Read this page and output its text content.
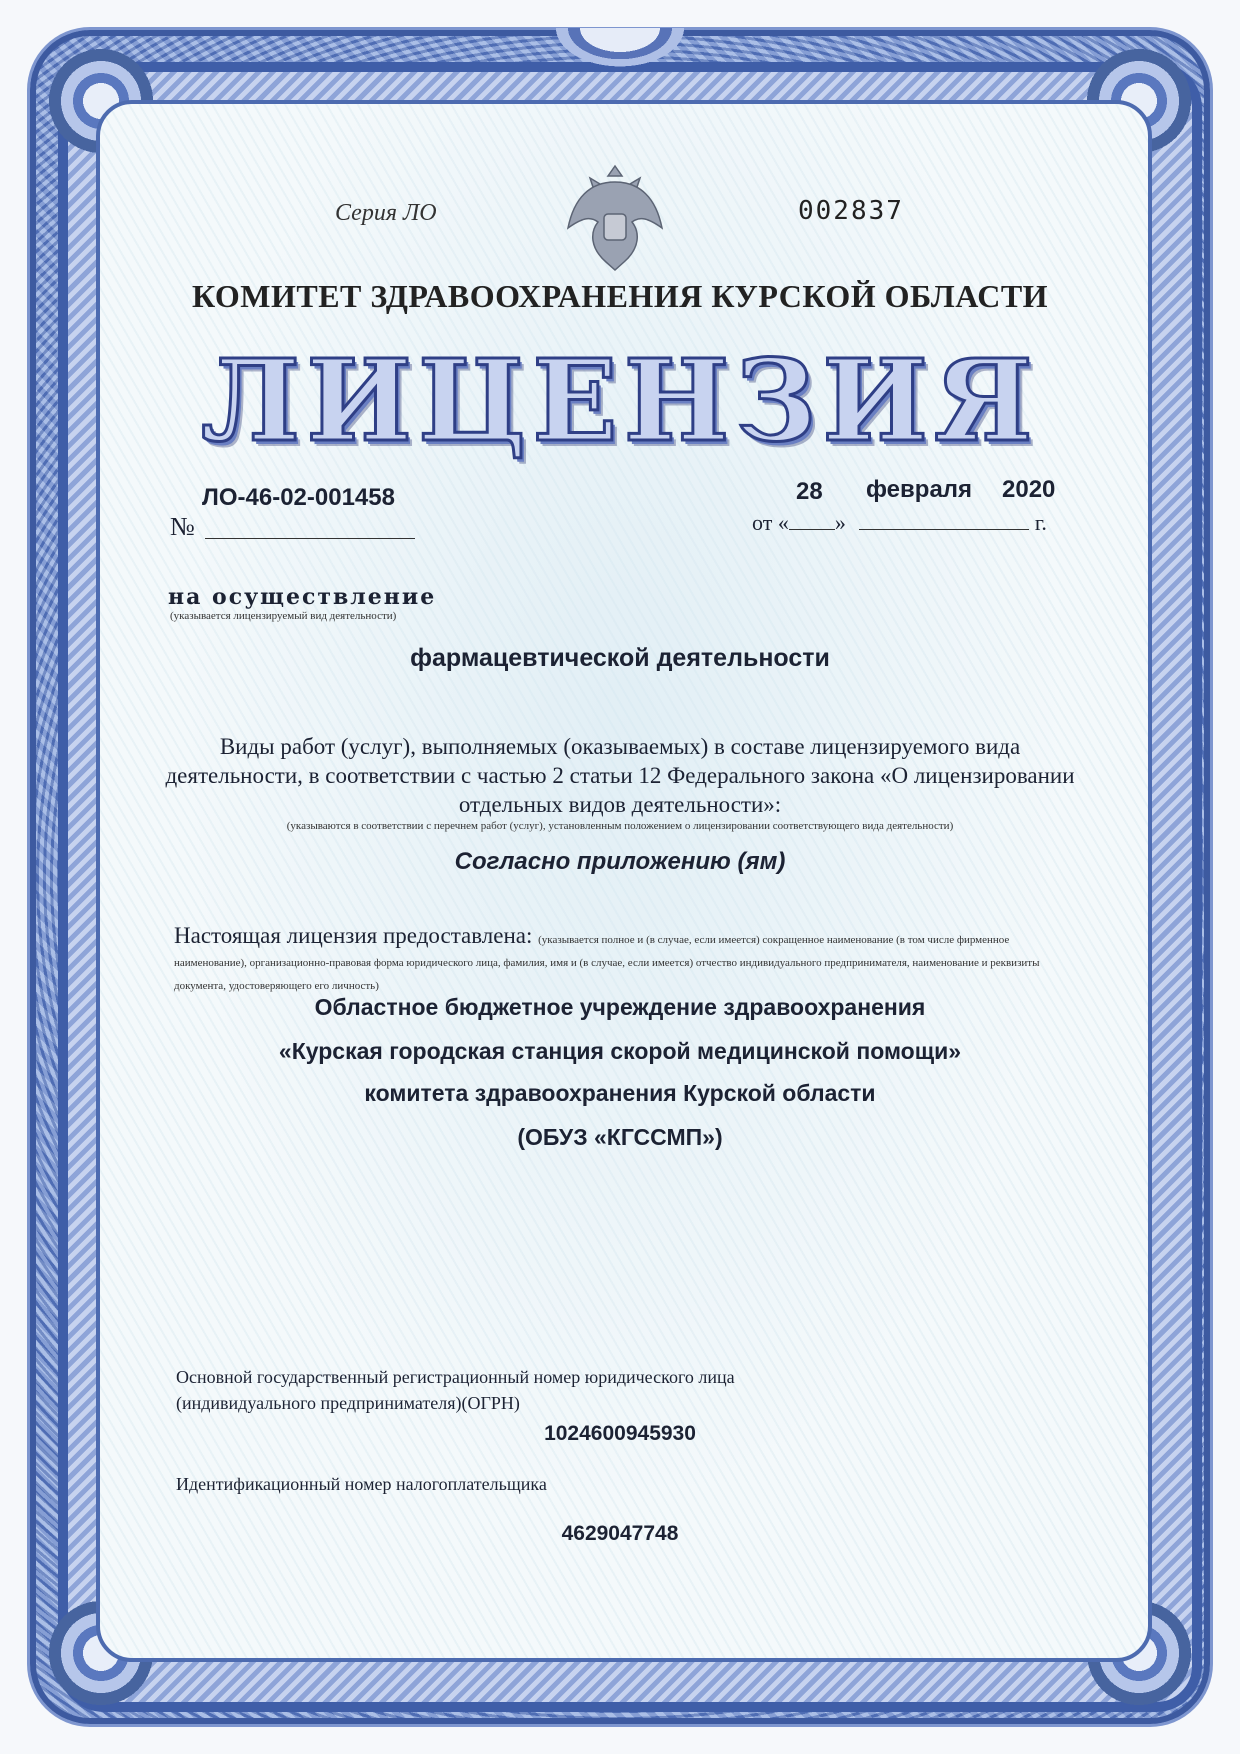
Серия ЛО	002837
КОМИТЕТ ЗДРАВООХРАНЕНИЯ КУРСКОЙ ОБЛАСТИ
ЛИЦЕНЗИЯ
ЛО-46-02-001458
№
28 февраля 2020
от « »	г.
на осуществление
(указывается лицензируемый вид деятельности)
фармацевтической деятельности
Виды работ (услуг), выполняемых (оказываемых) в составе лицензируемого вида деятельности, в соответствии с частью 2 статьи 12 Федерального закона «О лицензировании отдельных видов деятельности»:
(указываются в соответствии с перечнем работ (услуг), установленным положением о лицензировании соответствующего вида деятельности)
Согласно приложению (ям)
Настоящая лицензия предоставлена: (указывается полное и (в случае, если имеется) сокращенное наименование (в том числе фирменное наименование), организационно-правовая форма юридического лица, фамилия, имя и (в случае, если имеется) отчество индивидуального предпринимателя, наименование и реквизиты документа, удостоверяющего его личность)
Областное бюджетное учреждение здравоохранения
«Курская городская станция скорой медицинской помощи»
комитета здравоохранения Курской области
(ОБУЗ «КГССМП»)
Основной государственный регистрационный номер юридического лица (индивидуального предпринимателя)(ОГРН)
1024600945930
Идентификационный номер налогоплательщика
4629047748
